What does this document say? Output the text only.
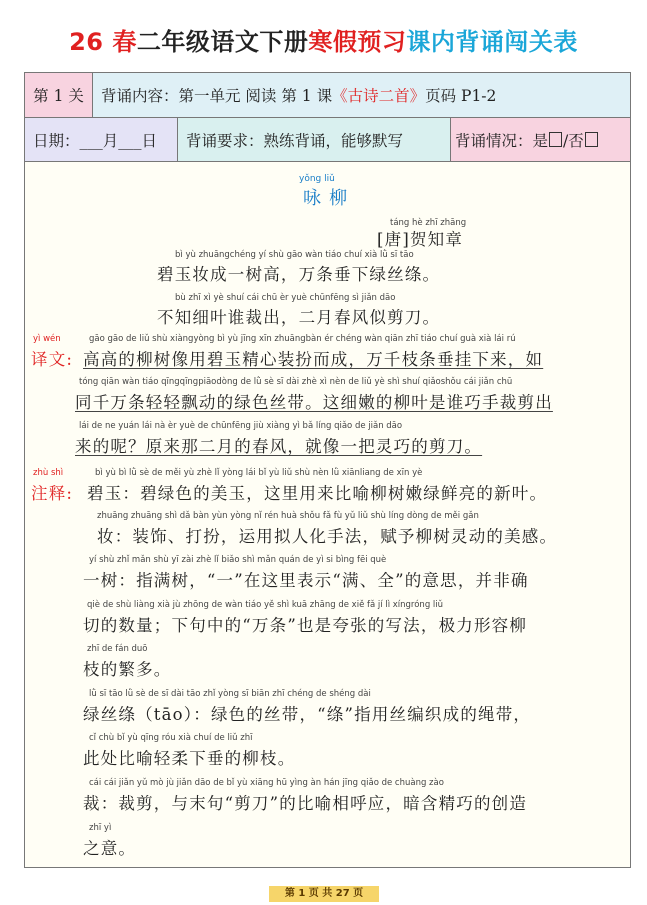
26 春二年级语文下册寒假预习课内背诵闯关表
第 1 关	背诵内容：第一单元 阅读 第 1 课 《古诗二首》 页码 P1-2
日期：___月___日	背诵要求：熟练背诵，能够默写	背诵情况：是 /否
yǒng liǔ
咏 柳
táng hè zhī zhāng
[唐]贺知章
bì yù zhuāngchéng yí shù gāo wàn tiáo chuí xià lǜ sī tāo
碧玉妆成一树高，万条垂下绿丝绦。
bù zhī xì yè shuí cái chū èr yuè chūnfēng sì jiǎn dāo
不知细叶谁裁出，二月春风似剪刀。
yì wén
译文:
gāo gāo de liǔ shù xiàngyòng bì yù jīng xīn zhuāngbàn ér chéng wàn qiān zhī tiáo chuí guà xià lái rú
高高的柳树像用碧玉精心装扮而成，万千枝条垂挂下来，如
tóng qiān wàn tiáo qīngqīngpiāodòng de lǜ sè sī dài zhè xì nèn de liǔ yè shì shuí qiǎoshǒu cái jiǎn chū
同千万条轻轻飘动的绿色丝带。这细嫩的柳叶是谁巧手裁剪出
lái de ne yuán lái nà èr yuè de chūnfēng jiù xiàng yì bǎ líng qiǎo de jiǎn dāo
来的呢？原来那二月的春风，就像一把灵巧的剪刀。
zhù shì
注释:
bì yù bì lǜ sè de měi yù zhè lǐ yòng lái bǐ yù liǔ shù nèn lǜ xiānliang de xīn yè
碧玉：碧绿色的美玉，这里用来比喻柳树嫩绿鲜亮的新叶。
zhuāng zhuāng shì dǎ bàn yùn yòng nǐ rén huà shǒu fǎ fù yǔ liǔ shù líng dòng de měi gǎn
妆：装饰、打扮，运用拟人化手法，赋予柳树灵动的美感。
yí shù zhǐ mǎn shù yī zài zhè lǐ biǎo shì mǎn quán de yì si bìng fēi què
一树：指满树，“一”在这里表示“满、全”的意思，并非确
qiè de shù liàng xià jù zhōng de wàn tiáo yě shì kuā zhāng de xiě fǎ jí lì xíngróng liǔ
切的数量；下句中的“万条”也是夸张的写法，极力形容柳
zhī de fán duō
枝的繁多。
lǜ sī tāo lǜ sè de sī dài tāo zhǐ yòng sī biān zhī chéng de shéng dài
绿丝绦（tāo）：绿色的丝带，“绦”指用丝编织成的绳带，
cǐ chù bǐ yù qīng róu xià chuí de liǔ zhī
此处比喻轻柔下垂的柳枝。
cái cái jiǎn yǔ mò jù jiǎn dāo de bǐ yù xiāng hū yìng àn hán jīng qiǎo de chuàng zào
裁：裁剪，与末句“剪刀”的比喻相呼应，暗含精巧的创造
zhī yì
之意。
第 1 页 共 27 页
